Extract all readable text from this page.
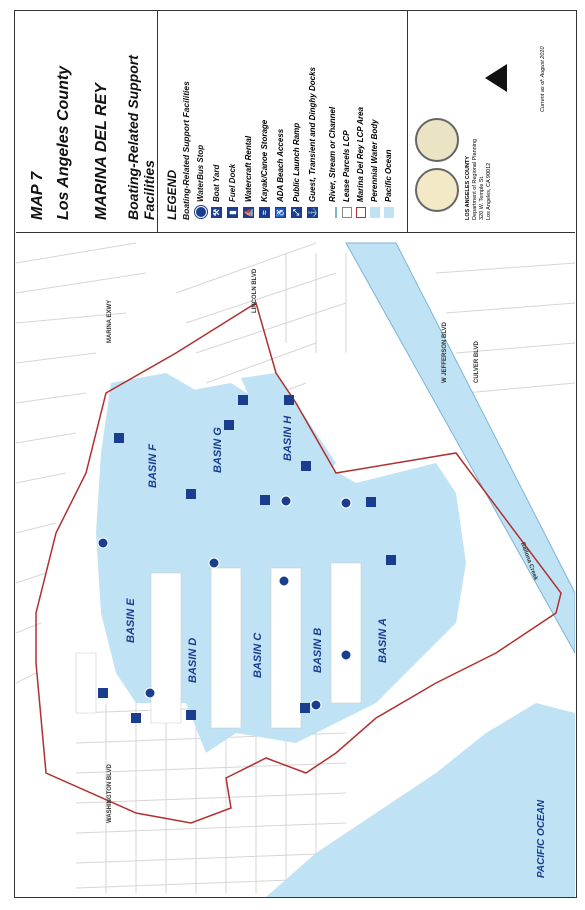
MAP 7 Los Angeles County MARINA DEL REY Boating-Related Support Facilities LEGEND Boating-Related Support Facilities WaterBus Stop
⚒
Boat Yard
▮
Fuel Dock
⛵
Watercraft Rental
≈
Kayak/Canoe Storage
♿
ADA Beach Access
⤢
Public Launch Ramp
⚓
Guest, Transient and Dinghy Docks River, Stream or Channel Lease Parcels LCP Marina Del Rey LCP Area Perennial Water Body Pacific Ocean	LOS ANGELES COUNTY Department of Regional Planning 320 W. Temple St. Los Angeles, CA 90012
Current as of: August 2010
BASIN A
BASIN B
BASIN C
BASIN D
BASIN E
BASIN F	BASIN G	BASIN H
LINCOLN BLVD
MARINA EXWY
WASHINGTON BLVD
CULVER BLVD
W JEFFERSON BLVD
Ballona Creek
PACIFIC OCEAN
